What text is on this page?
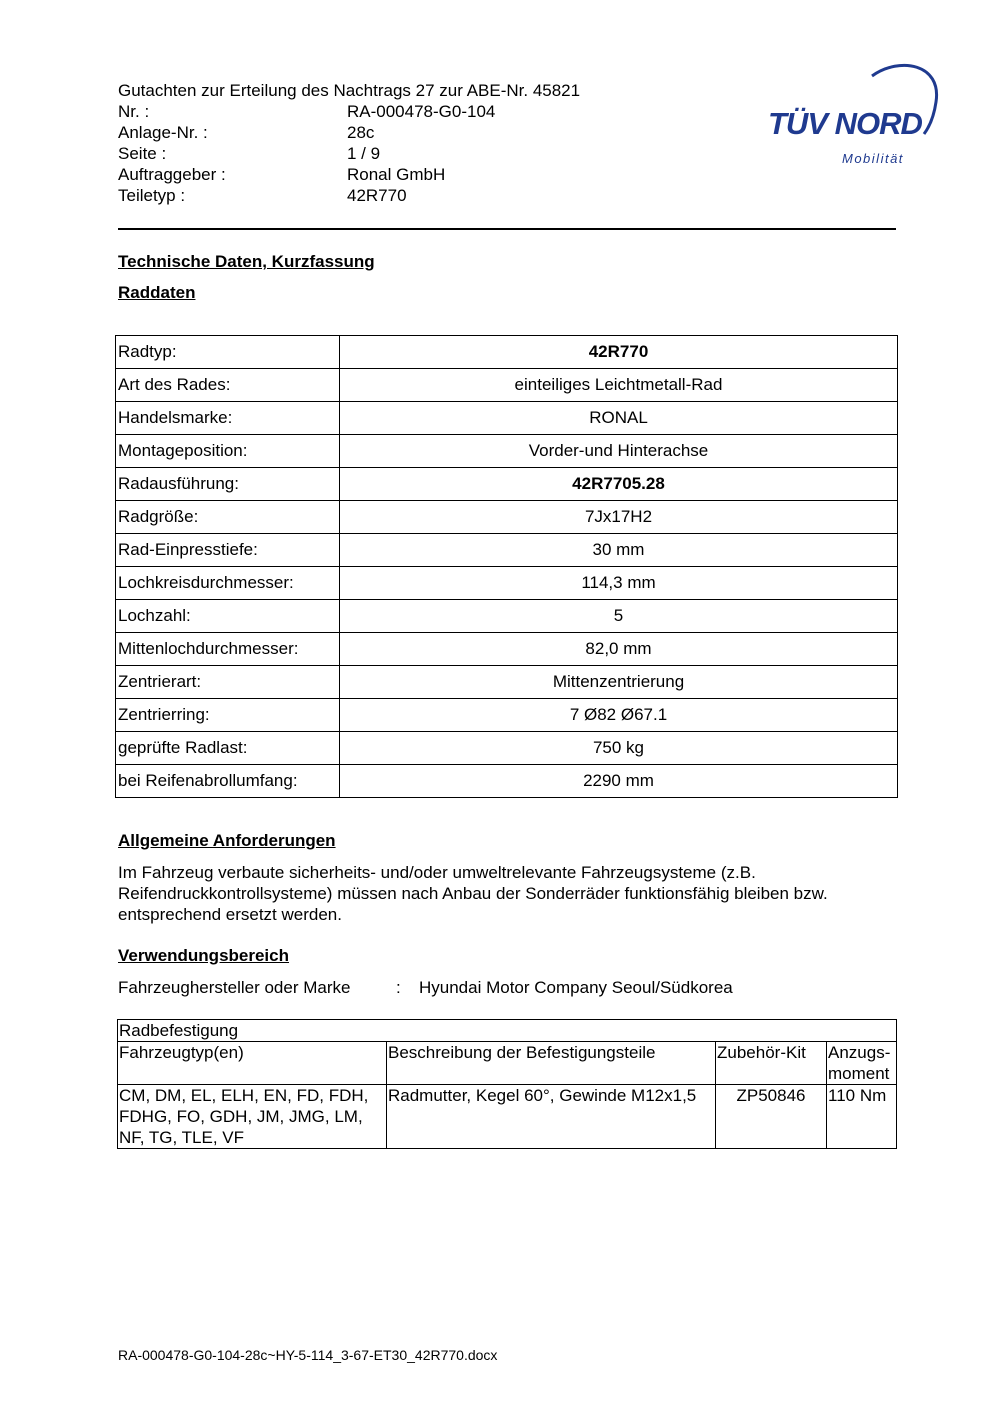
Gutachten zur Erteilung des Nachtrags 27 zur ABE-Nr. 45821
Nr. :	RA-000478-G0-104
Anlage-Nr. :	28c
Seite :	1 / 9
Auftraggeber :	Ronal GmbH
Teiletyp :	42R770
TÜV NORD
Mobilität
Technische Daten, Kurzfassung
Raddaten
Radtyp:	42R770
Art des Rades:	einteiliges Leichtmetall-Rad
Handelsmarke:	RONAL
Montageposition:	Vorder-und Hinterachse
Radausführung:	42R7705.28
Radgröße:	7Jx17H2
Rad-Einpresstiefe:	30 mm
Lochkreisdurchmesser:	114,3 mm
Lochzahl:	5
Mittenlochdurchmesser:	82,0 mm
Zentrierart:	Mittenzentrierung
Zentrierring:	7 Ø82 Ø67.1
geprüfte Radlast:	750 kg
bei Reifenabrollumfang:	2290 mm
Allgemeine Anforderungen
Im Fahrzeug verbaute sicherheits- und/oder umweltrelevante Fahrzeugsysteme (z.B. Reifendruckkontrollsysteme) müssen nach Anbau der Sonderräder funktionsfähig bleiben bzw. entsprechend ersetzt werden.
Verwendungsbereich
Fahrzeughersteller oder Marke	: Hyundai Motor Company Seoul/Südkorea
Radbefestigung			
Fahrzeugtyp(en)	Beschreibung der Befestigungsteile	Zubehör-Kit	Anzugs-
moment
CM, DM, EL, ELH, EN, FD, FDH, FDHG, FO, GDH, JM, JMG, LM, NF, TG, TLE, VF	Radmutter, Kegel 60°, Gewinde M12x1,5	ZP50846	110 Nm
RA-000478-G0-104-28c~HY-5-114_3-67-ET30_42R770.docx
